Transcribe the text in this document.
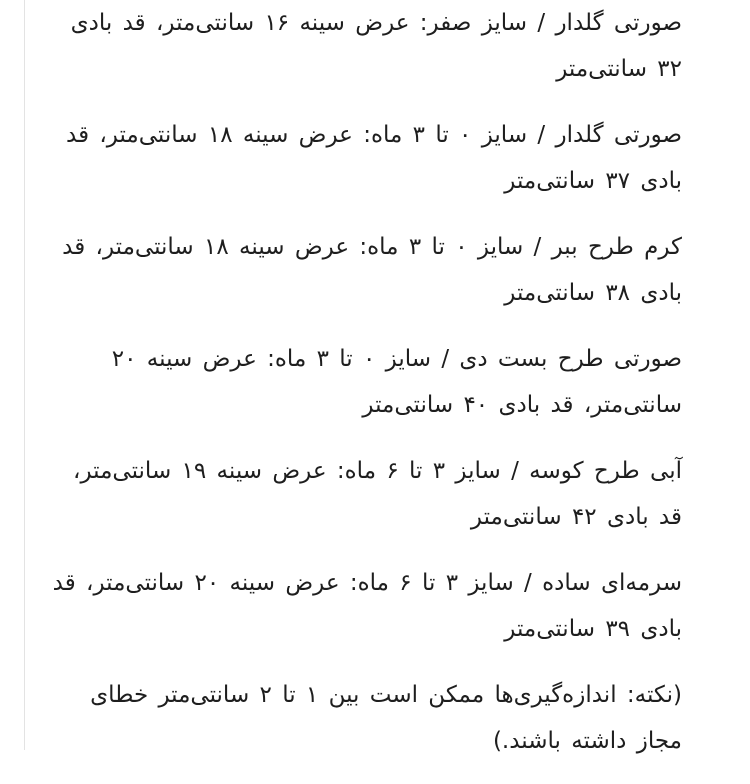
صورتی گلدار / سایز صفر: عرض سینه ۱۶ سانتی‌متر، قد بادی ۳۲ سانتی‌متر

صورتی گلدار / سایز ۰ تا ۳ ماه: عرض سینه ۱۸ سانتی‌متر، قد بادی ۳۷ سانتی‌متر

کرم طرح ببر / سایز ۰ تا ۳ ماه: عرض سینه ۱۸ سانتی‌متر، قد بادی ۳۸ سانتی‌متر

صورتی طرح بست دی / سایز ۰ تا ۳ ماه: عرض سینه ۲۰ سانتی‌متر، قد بادی ۴۰ سانتی‌متر

آبی طرح کوسه / سایز ۳ تا ۶ ماه: عرض سینه ۱۹ سانتی‌متر، قد بادی ۴۲ سانتی‌متر

سرمه‌ای ساده / سایز ۳ تا ۶ ماه: عرض سینه ۲۰ سانتی‌متر، قد بادی ۳۹ سانتی‌متر

(نکته: اندازه‌گیری‌ها ممکن است بین ۱ تا ۲ سانتی‌متر خطای مجاز داشته باشند.)
